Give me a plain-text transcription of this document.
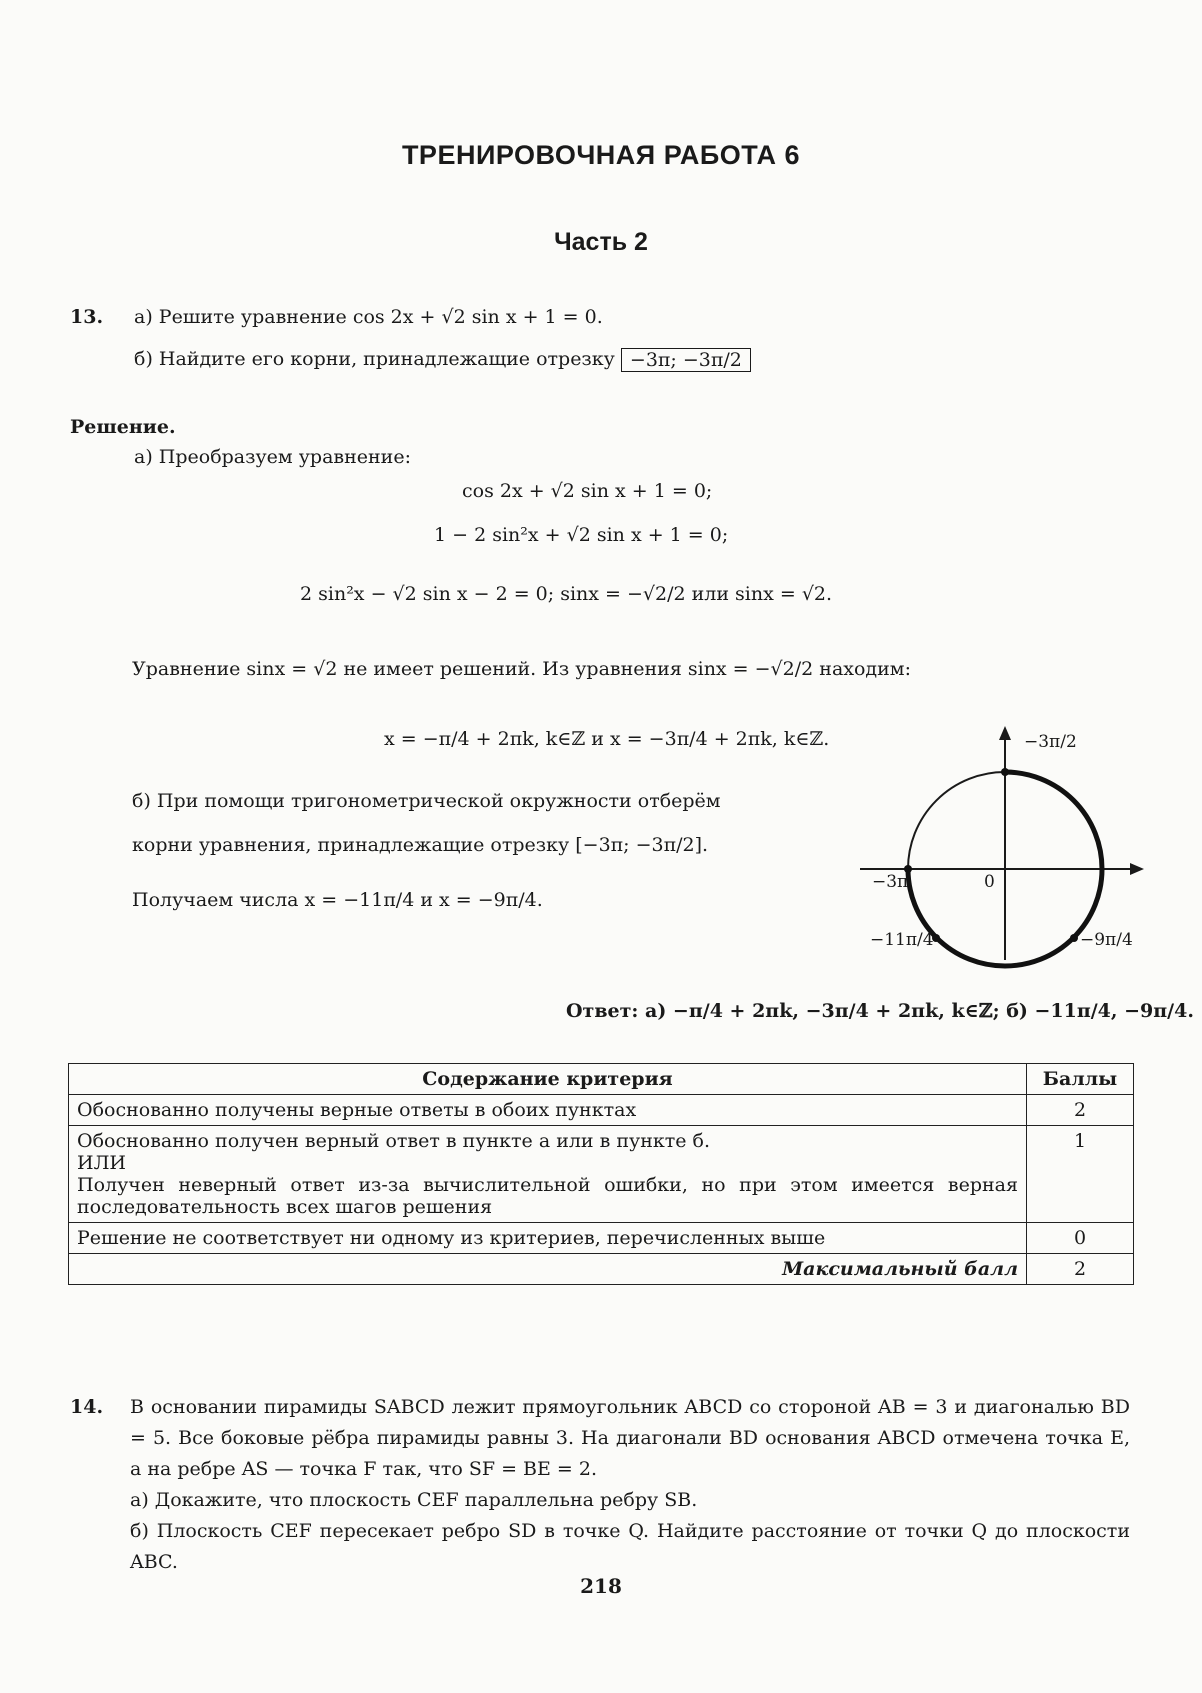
ТРЕНИРОВОЧНАЯ РАБОТА 6
Часть 2
13. а) Решите уравнение cos 2x + √2 sin x + 1 = 0.
б) Найдите его корни, принадлежащие отрезку −3π; −3π/2
Решение.
а) Преобразуем уравнение:
cos 2x + √2 sin x + 1 = 0;
1 − 2 sin²x + √2 sin x + 1 = 0;
2 sin²x − √2 sin x − 2 = 0; sinx = −√2/2 или sinx = √2.
Уравнение sinx = √2 не имеет решений. Из уравнения sinx = −√2/2 находим:
x = −π/4 + 2πk, k∈ℤ и x = −3π/4 + 2πk, k∈ℤ.
б) При помощи тригонометрической окружности отберём
корни уравнения, принадлежащие отрезку [−3π; −3π/2].
Получаем числа x = −11π/4 и x = −9π/4.
−3π/2
−3π	0
−11π/4	−9π/4
Ответ: а) −π/4 + 2πk, −3π/4 + 2πk, k∈ℤ; б) −11π/4, −9π/4.
Содержание критерия	Баллы
Обоснованно получены верные ответы в обоих пунктах	2

Обоснованно получен верный ответ в пункте а или в пункте б.
ИЛИ
Получен неверный ответ из-за вычислительной ошибки, но при этом имеется верная последовательность всех шагов решения	1
Решение не соответствует ни одному из критериев, перечисленных выше	0
Максимальный балл	2
14. В основании пирамиды SABCD лежит прямоугольник ABCD со стороной AB = 3 и диагональю BD = 5. Все боковые рёбра пирамиды равны 3. На диагонали BD основания ABCD отмечена точка E, а на ребре AS — точка F так, что SF = BE = 2.
а) Докажите, что плоскость CEF параллельна ребру SB.
б) Плоскость CEF пересекает ребро SD в точке Q. Найдите расстояние от точки Q до плоскости ABC.
218
